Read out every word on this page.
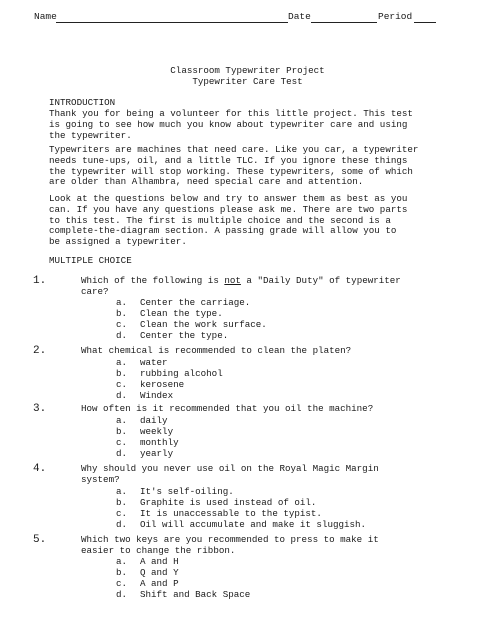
Name	Date	Period
Classroom Typewriter Project
Typewriter Care Test
INTRODUCTION
Thank you for being a volunteer for this little project. This test
is going to see how much you know about typewriter care and using
the typewriter.
Typewriters are machines that need care. Like you car, a typewriter
needs tune-ups, oil, and a little TLC. If you ignore these things
the typewriter will stop working. These typewriters, some of which
are older than Alhambra, need special care and attention.
Look at the questions below and try to answer them as best as you
can. If you have any questions please ask me. There are two parts
to this test. The first is multiple choice and the second is a
complete-the-diagram section. A passing grade will allow you to
be assigned a typewriter.
MULTIPLE CHOICE
1.	Which of the following is not a "Daily Duty" of typewriter
care?
a. Center the carriage.
b. Clean the type.
c. Clean the work surface.
d. Center the type.
2.	What chemical is recommended to clean the platen?
a. water
b. rubbing alcohol
c. kerosene
d. Windex
3.	How often is it recommended that you oil the machine?
a. daily
b. weekly
c. monthly
d. yearly
4.	Why should you never use oil on the Royal Magic Margin
system?
a. It's self-oiling.
b. Graphite is used instead of oil.
c. It is unaccessable to the typist.
d. Oil will accumulate and make it sluggish.
5.	Which two keys are you recommended to press to make it
easier to change the ribbon.
a. A and H
b. Q and Y
c. A and P
d. Shift and Back Space
